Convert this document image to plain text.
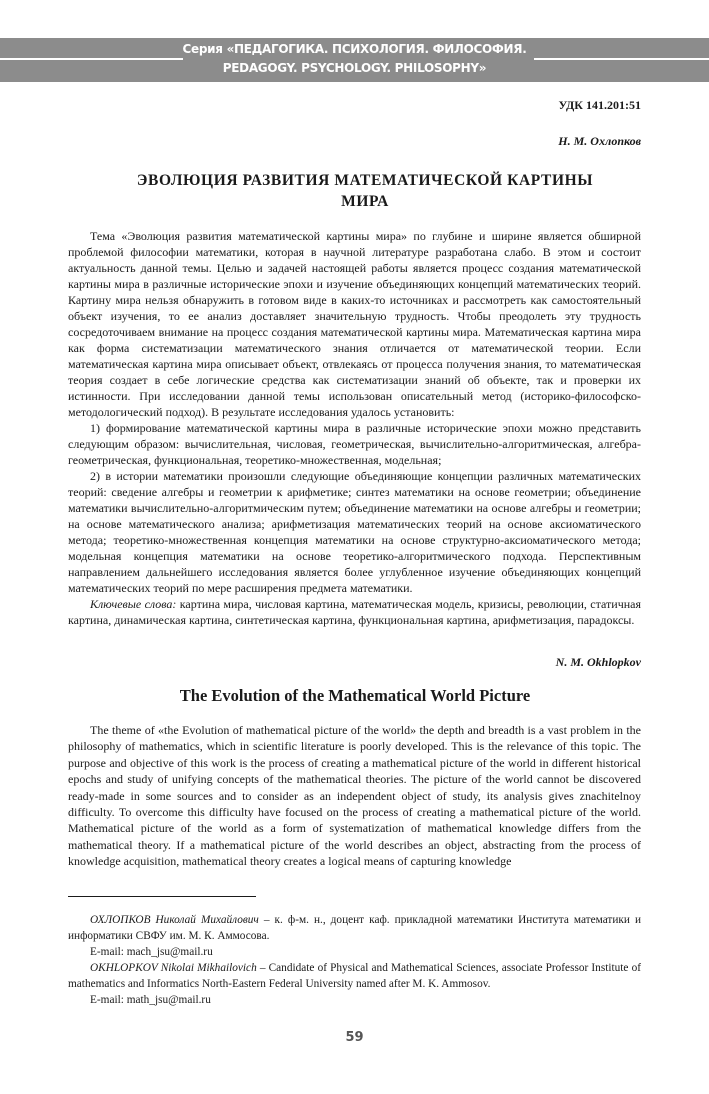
Серия «ПЕДАГОГИКА. ПСИХОЛОГИЯ. ФИЛОСОФИЯ.
PEDAGOGY. PSYCHOLOGY. PHILOSOPHY»
УДК 141.201:51
Н. М. Охлопков
ЭВОЛЮЦИЯ РАЗВИТИЯ МАТЕМАТИЧЕСКОЙ КАРТИНЫ
МИРА

Тема «Эволюция развития математической картины мира» по глубине и ширине является обширной проблемой философии математики, которая в научной литературе разработана слабо. В этом и состоит актуальность данной темы. Целью и задачей настоящей работы является процесс создания математической картины мира в различные исторические эпохи и изучение объединяющих концепций математических теорий. Картину мира нельзя обнаружить в готовом виде в каких-то источниках и рассмотреть как самостоятельный объект изучения, то ее анализ доставляет значительную трудность. Чтобы преодолеть эту трудность сосредоточиваем внимание на процесс создания математической картины мира. Математическая картина мира как форма систематизации математического знания отличается от математической теории. Если математическая картина мира описывает объект, отвлекаясь от процесса получения знания, то математическая теория создает в себе логические средства как систематизации знаний об объекте, так и проверки их истинности. При исследовании данной темы использован описательный метод (историко-философско-методологический подход). В результате исследования удалось установить:

1) формирование математической картины мира в различные исторические эпохи можно представить следующим образом: вычислительная, числовая, геометрическая, вычислительно-алгоритмическая, алгебра-геометрическая, функциональная, теоретико-множественная, модельная;

2) в истории математики произошли следующие объединяющие концепции различных математических теорий: сведение алгебры и геометрии к арифметике; синтез математики на основе геометрии; объединение математики вычислительно-алгоритмическим путем; объединение математики на основе алгебры и геометрии; на основе математического анализа; арифметизация математических теорий на основе аксиоматического метода; теоретико-множественная концепция математики на основе структурно-аксиоматического метода; модельная концепция математики на основе теоретико-алгоритмического подхода. Перспективным направлением дальнейшего исследования является более углубленное изучение объединяющих концепций математических теорий по мере расширения предмета математики.

Ключевые слова: картина мира, числовая картина, математическая модель, кризисы, революции, статичная картина, динамическая картина, синтетическая картина, функциональная картина, арифметизация, парадоксы.

N. M. Okhlopkov
The Evolution of the Mathematical World Picture

The theme of «the Evolution of mathematical picture of the world» the depth and breadth is a vast problem in the philosophy of mathematics, which in scientific literature is poorly developed. This is the relevance of this topic. The purpose and objective of this work is the process of creating a mathematical picture of the world in different historical epochs and study of unifying concepts of the mathematical theories. The picture of the world cannot be discovered ready-made in some sources and to consider as an independent object of study, its analysis gives znachitelnoy difficulty. To overcome this difficulty have focused on the process of creating a mathematical picture of the world. Mathematical picture of the world as a form of systematization of mathematical knowledge differs from the mathematical theory. If a mathematical picture of the world describes an object, abstracting from the process of knowledge acquisition, mathematical theory creates a logical means of capturing knowledge

ОХЛОПКОВ Николай Михайлович – к. ф-м. н., доцент каф. прикладной математики Института математики и информатики СВФУ им. М. К. Аммосова.

E-mail: mach_jsu@mail.ru

OKHLOPKOV Nikolai Mikhailovich – Candidate of Physical and Mathematical Sciences, associate Professor Institute of mathematics and Informatics North-Eastern Federal University named after M. K. Ammosov.

E-mail: math_jsu@mail.ru

59
